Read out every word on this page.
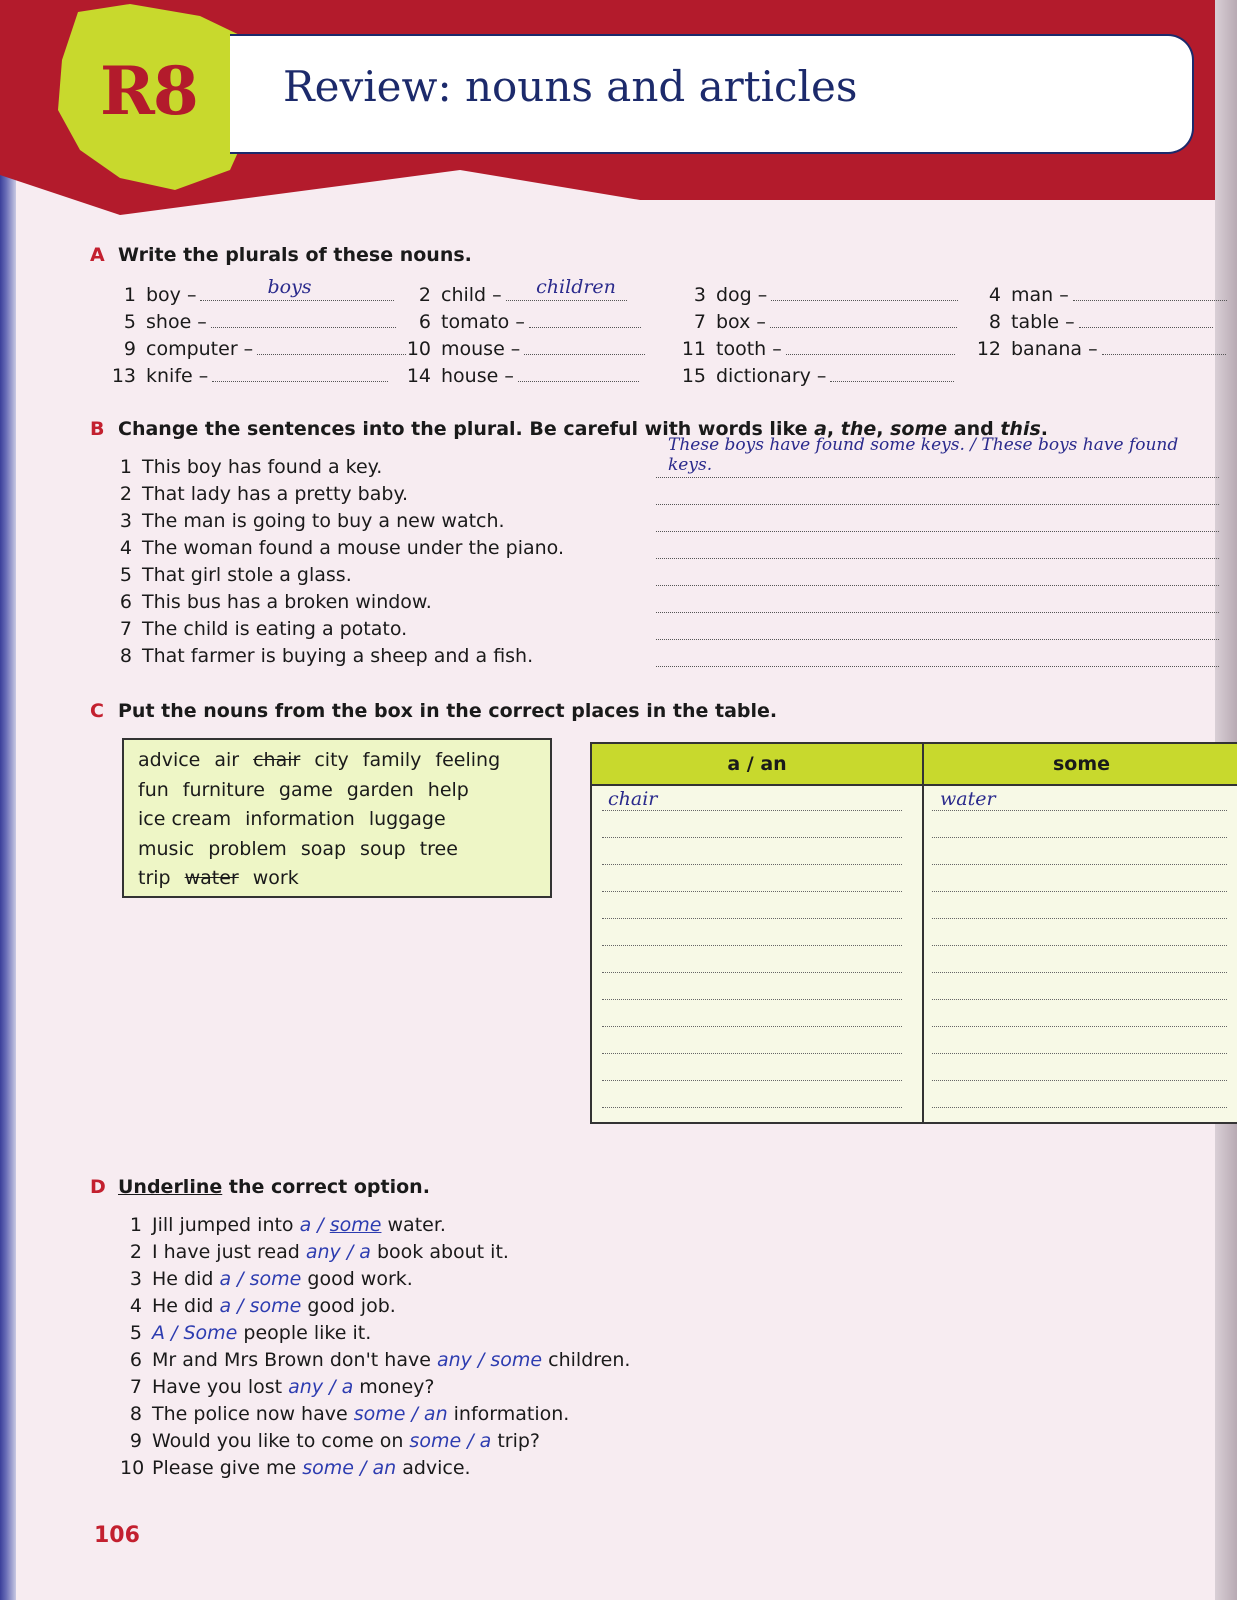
R8 Review: nouns and articles
A Write the plurals of these nouns.
1 boy –	boys	2 child – children	3 dog –	4 man –
5 shoe –	6 tomato –	7 box –	8 table –
9 computer –	10 mouse –	11 tooth –	12 banana –
13 knife –	14 house –	15 dictionary –
B Change the sentences into the plural. Be careful with words like a, the, some and this.
1 This boy has found a key.
These boys have found some keys. / These boys have found keys.
2 That lady has a pretty baby.
3 The man is going to buy a new watch.
4 The woman found a mouse under the piano.
5 That girl stole a glass.
6 This bus has a broken window.
7 The child is eating a potato.
8 That farmer is buying a sheep and a fish.
C Put the nouns from the box in the correct places in the table.
advice air chair city family feeling
fun furniture game garden help
ice cream information luggage
music problem soap soup tree
trip water work
a / an	some
chair	water
D Underline the correct option.
1 Jill jumped into a / some water.
2 I have just read any / a book about it.
3 He did a / some good work.
4 He did a / some good job.
5 A / Some people like it.
6 Mr and Mrs Brown don't have any / some children.
7 Have you lost any / a money?
8 The police now have some / an information.
9 Would you like to come on some / a trip?
10 Please give me some / an advice.
106
